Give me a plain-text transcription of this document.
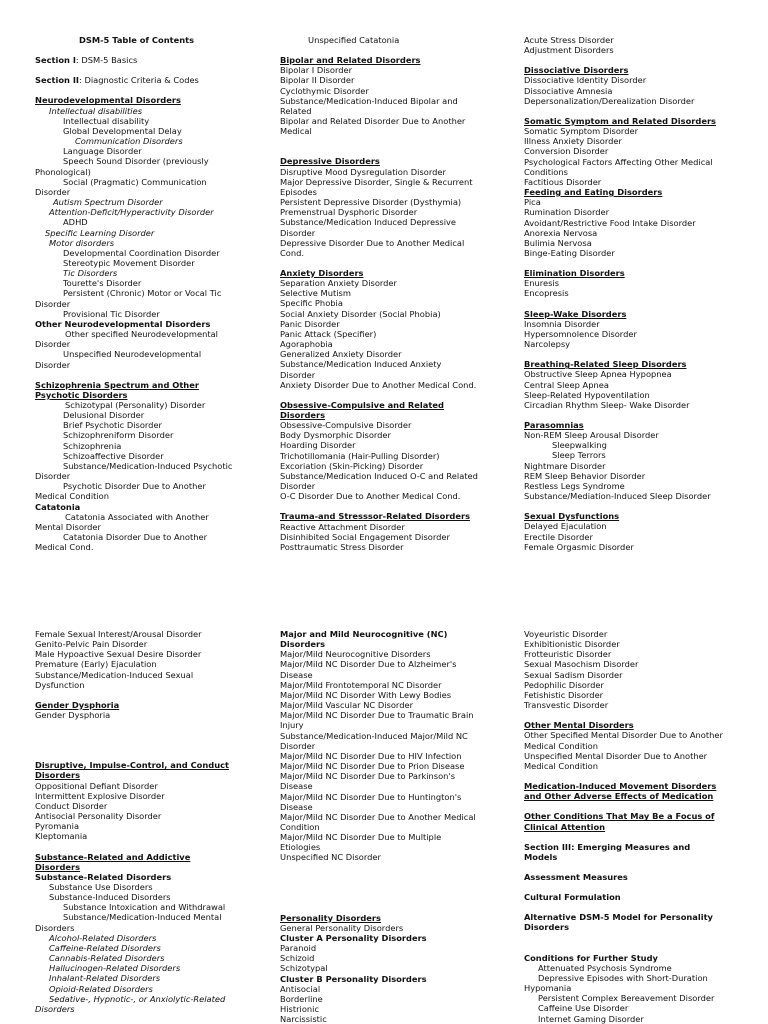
DSM-5 Table of Contents
Section I: DSM-5 Basics
Section II: Diagnostic Criteria & Codes
Neurodevelopmental Disorders
Intellectual disabilities
Intellectual disability
Global Developmental Delay
Communication Disorders
Language Disorder
Speech Sound Disorder (previously
Phonological)
Social (Pragmatic) Communication
Disorder
Autism Spectrum Disorder
Attention-Deficit/Hyperactivity Disorder
ADHD
Specific Learning Disorder
Motor disorders
Developmental Coordination Disorder
Stereotypic Movement Disorder
Tic Disorders
Tourette's Disorder
Persistent (Chronic) Motor or Vocal Tic
Disorder
Provisional Tic Disorder
Other Neurodevelopmental Disorders
Other specified Neurodevelopmental
Disorder
Unspecified Neurodevelopmental
Disorder
Schizophrenia Spectrum and Other
Psychotic Disorders
Schizotypal (Personality) Disorder
Delusional Disorder
Brief Psychotic Disorder
Schizophreniform Disorder
Schizophrenia
Schizoaffective Disorder
Substance/Medication-Induced Psychotic
Disorder
Psychotic Disorder Due to Another
Medical Condition
Catatonia
Catatonia Associated with Another
Mental Disorder
Catatonia Disorder Due to Another
Medical Cond.
Unspecified Catatonia
Bipolar and Related Disorders
Bipolar I Disorder
Bipolar II Disorder
Cyclothymic Disorder
Substance/Medication-Induced Bipolar and
Related
Bipolar and Related Disorder Due to Another
Medical
Depressive Disorders
Disruptive Mood Dysregulation Disorder
Major Depressive Disorder, Single & Recurrent
Episodes
Persistent Depressive Disorder (Dysthymia)
Premenstrual Dysphoric Disorder
Substance/Medication Induced Depressive
Disorder
Depressive Disorder Due to Another Medical
Cond.
Anxiety Disorders
Separation Anxiety Disorder
Selective Mutism
Specific Phobia
Social Anxiety Disorder (Social Phobia)
Panic Disorder
Panic Attack (Specifier)
Agoraphobia
Generalized Anxiety Disorder
Substance/Medication Induced Anxiety
Disorder
Anxiety Disorder Due to Another Medical Cond.
Obsessive-Compulsive and Related
Disorders
Obsessive-Compulsive Disorder
Body Dysmorphic Disorder
Hoarding Disorder
Trichotillomania (Hair-Pulling Disorder)
Excoriation (Skin-Picking) Disorder
Substance/Medication Induced O-C and Related
Disorder
O-C Disorder Due to Another Medical Cond.
Trauma-and Stresssor-Related Disorders
Reactive Attachment Disorder
Disinhibited Social Engagement Disorder
Posttraumatic Stress Disorder
Acute Stress Disorder
Adjustment Disorders
Dissociative Disorders
Dissociative Identity Disorder
Dissociative Amnesia
Depersonalization/Derealization Disorder
Somatic Symptom and Related Disorders
Somatic Symptom Disorder
Illness Anxiety Disorder
Conversion Disorder
Psychological Factors Affecting Other Medical
Conditions
Factitious Disorder
Feeding and Eating Disorders
Pica
Rumination Disorder
Avoidant/Restrictive Food Intake Disorder
Anorexia Nervosa
Bulimia Nervosa
Binge-Eating Disorder
Elimination Disorders
Enuresis
Encopresis
Sleep-Wake Disorders
Insomnia Disorder
Hypersomnolence Disorder
Narcolepsy
Breathing-Related Sleep Disorders
Obstructive Sleep Apnea Hypopnea
Central Sleep Apnea
Sleep-Related Hypoventilation
Circadian Rhythm Sleep- Wake Disorder
Parasomnias
Non-REM Sleep Arousal Disorder
Sleepwalking
Sleep Terrors
Nightmare Disorder
REM Sleep Behavior Disorder
Restless Legs Syndrome
Substance/Mediation-Induced Sleep Disorder
Sexual Dysfunctions
Delayed Ejaculation
Erectile Disorder
Female Orgasmic Disorder
Female Sexual Interest/Arousal Disorder
Genito-Pelvic Pain Disorder
Male Hypoactive Sexual Desire Disorder
Premature (Early) Ejaculation
Substance/Medication-Induced Sexual
Dysfunction
Gender Dysphoria
Gender Dysphoria
Disruptive, Impulse-Control, and Conduct
Disorders
Oppositional Defiant Disorder
Intermittent Explosive Disorder
Conduct Disorder
Antisocial Personality Disorder
Pyromania
Kleptomania
Substance-Related and Addictive
Disorders
Substance-Related Disorders
Substance Use Disorders
Substance-Induced Disorders
Substance Intoxication and Withdrawal
Substance/Medication-Induced Mental
Disorders
Alcohol-Related Disorders
Caffeine-Related Disorders
Cannabis-Related Disorders
Hallucinogen-Related Disorders
Inhalant-Related Disorders
Opioid-Related Disorders
Sedative-, Hypnotic-, or Anxiolytic-Related
Disorders
Major and Mild Neurocognitive (NC)
Disorders
Major/Mild Neurocognitive Disorders
Major/Mild NC Disorder Due to Alzheimer's
Disease
Major/Mild Frontotemporal NC Disorder
Major/Mild NC Disorder With Lewy Bodies
Major/Mild Vascular NC Disorder
Major/Mild NC Disorder Due to Traumatic Brain
Injury
Substance/Medication-Induced Major/Mild NC
Disorder
Major/Mild NC Disorder Due to HIV Infection
Major/Mild NC Disorder Due to Prion Disease
Major/Mild NC Disorder Due to Parkinson's
Disease
Major/Mild NC Disorder Due to Huntington's
Disease
Major/Mild NC Disorder Due to Another Medical
Condition
Major/Mild NC Disorder Due to Multiple
Etiologies
Unspecified NC Disorder
Personality Disorders
General Personality Disorders
Cluster A Personality Disorders
Paranoid
Schizoid
Schizotypal
Cluster B Personality Disorders
Antisocial
Borderline
Histrionic
Narcissistic
Voyeuristic Disorder
Exhibitionistic Disorder
Frotteuristic Disorder
Sexual Masochism Disorder
Sexual Sadism Disorder
Pedophilic Disorder
Fetishistic Disorder
Transvestic Disorder
Other Mental Disorders
Other Specified Mental Disorder Due to Another
Medical Condition
Unspecified Mental Disorder Due to Another
Medical Condition
Medication-Induced Movement Disorders
and Other Adverse Effects of Medication
Other Conditions That May Be a Focus of
Clinical Attention
Section III: Emerging Measures and
Models
Assessment Measures
Cultural Formulation
Alternative DSM-5 Model for Personality
Disorders
Conditions for Further Study
Attenuated Psychosis Syndrome
Depressive Episodes with Short-Duration
Hypomania
Persistent Complex Bereavement Disorder
Caffeine Use Disorder
Internet Gaming Disorder
